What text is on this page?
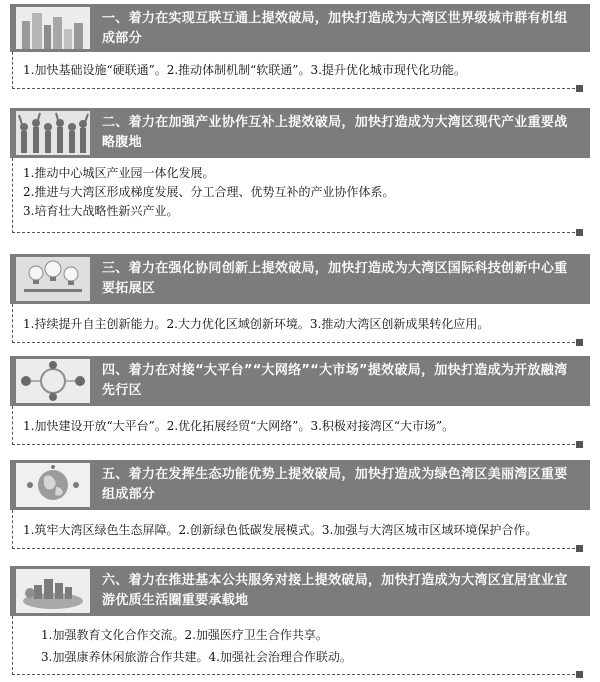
一、着力在实现互联互通上提效破局，加快打造成为大湾区世界级城市群有机组成部分
1.加快基础设施“硬联通”。2.推动体制机制“软联通”。3.提升优化城市现代化功能。
二、着力在加强产业协作互补上提效破局，加快打造成为大湾区现代产业重要战略腹地
1.推动中心城区产业园一体化发展。
2.推进与大湾区形成梯度发展、分工合理、优势互补的产业协作体系。
3.培育壮大战略性新兴产业。
三、着力在强化协同创新上提效破局，加快打造成为大湾区国际科技创新中心重要拓展区
1.持续提升自主创新能力。2.大力优化区域创新环境。3.推动大湾区创新成果转化应用。
四、着力在对接“大平台”“大网络”“大市场”提效破局，加快打造成为开放融湾先行区
1.加快建设开放“大平台”。2.优化拓展经贸“大网络”。3.积极对接湾区“大市场”。
五、着力在发挥生态功能优势上提效破局，加快打造成为绿色湾区美丽湾区重要组成部分
1.筑牢大湾区绿色生态屏障。2.创新绿色低碳发展模式。3.加强与大湾区城市区域环境保护合作。
六、着力在推进基本公共服务对接上提效破局，加快打造成为大湾区宜居宜业宜游优质生活圈重要承载地
1.加强教育文化合作交流。2.加强医疗卫生合作共享。
3.加强康养休闲旅游合作共建。4.加强社会治理合作联动。
